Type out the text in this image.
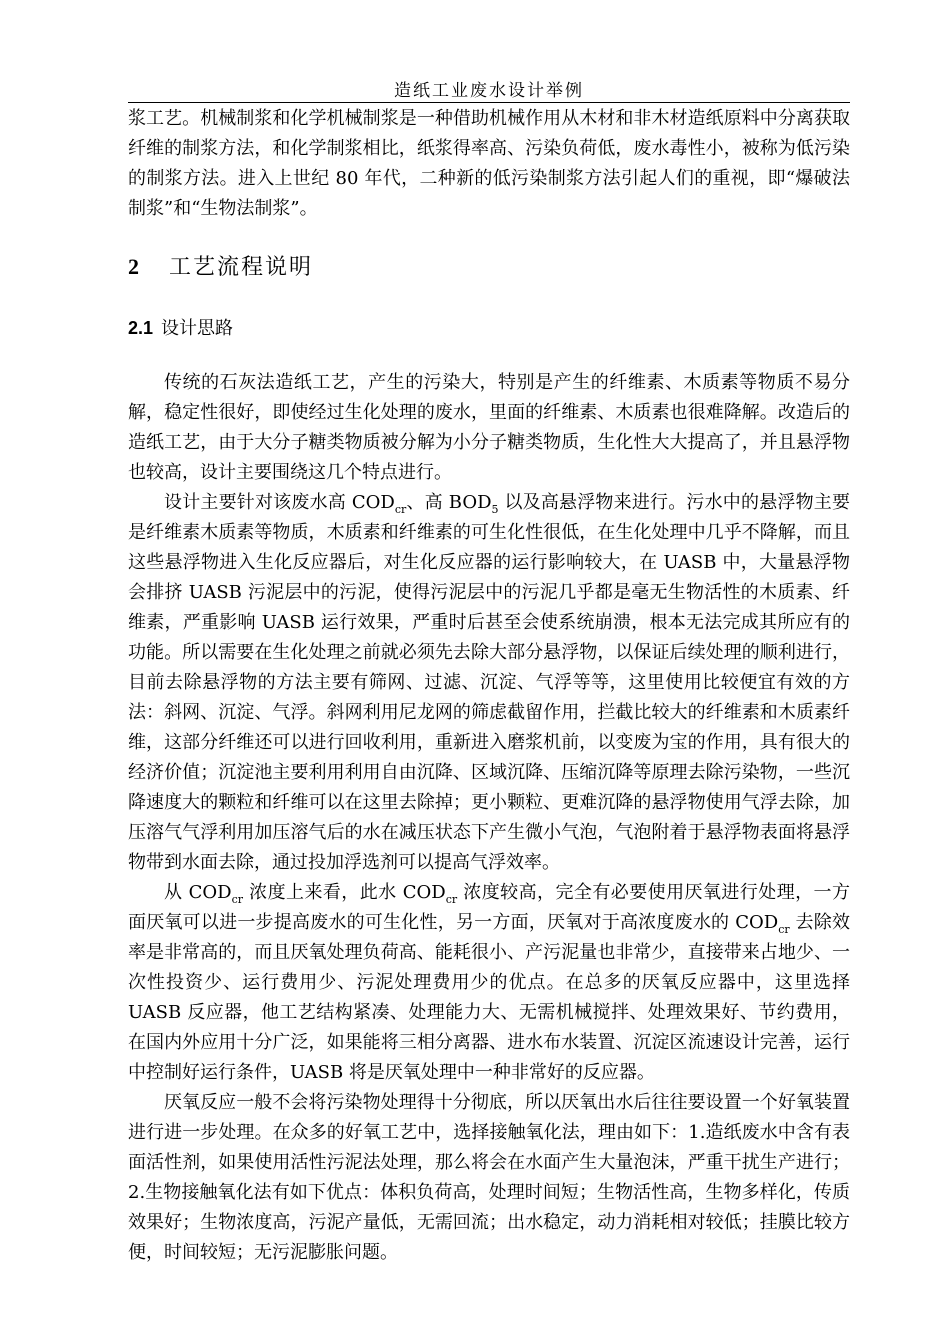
造纸工业废水设计举例

浆工艺。机械制浆和化学机械制浆是一种借助机械作用从木材和非木材造纸原料中分离获取纤维的制浆方法，和化学制浆相比，纸浆得率高、污染负荷低，废水毒性小，被称为低污染的制浆方法。进入上世纪 80 年代，二种新的低污染制浆方法引起人们的重视，即“爆破法制浆”和“生物法制浆”。

2 工艺流程说明

2.1 设计思路

传统的石灰法造纸工艺，产生的污染大，特别是产生的纤维素、木质素等物质不易分解，稳定性很好，即使经过生化处理的废水，里面的纤维素、木质素也很难降解。改造后的造纸工艺，由于大分子糖类物质被分解为小分子糖类物质，生化性大大提高了，并且悬浮物也较高，设计主要围绕这几个特点进行。

设计主要针对该废水高 $COD_{cr}$、高 $BOD_5$ 以及高悬浮物来进行。污水中的悬浮物主要是纤维素木质素等物质，木质素和纤维素的可生化性很低，在生化处理中几乎不降解，而且这些悬浮物进入生化反应器后，对生化反应器的运行影响较大，在 UASB 中，大量悬浮物会排挤 UASB 污泥层中的污泥，使得污泥层中的污泥几乎都是毫无生物活性的木质素、纤维素，严重影响 UASB 运行效果，严重时后甚至会使系统崩溃，根本无法完成其所应有的功能。所以需要在生化处理之前就必须先去除大部分悬浮物，以保证后续处理的顺利进行，目前去除悬浮物的方法主要有筛网、过滤、沉淀、气浮等等，这里使用比较便宜有效的方法：斜网、沉淀、气浮。斜网利用尼龙网的筛虑截留作用，拦截比较大的纤维素和木质素纤维，这部分纤维还可以进行回收利用，重新进入磨浆机前，以变废为宝的作用，具有很大的经济价值；沉淀池主要利用利用自由沉降、区域沉降、压缩沉降等原理去除污染物，一些沉降速度大的颗粒和纤维可以在这里去除掉；更小颗粒、更难沉降的悬浮物使用气浮去除，加压溶气气浮利用加压溶气后的水在减压状态下产生微小气泡，气泡附着于悬浮物表面将悬浮物带到水面去除，通过投加浮选剂可以提高气浮效率。

从 $COD_{cr}$ 浓度上来看，此水 $COD_{cr}$ 浓度较高，完全有必要使用厌氧进行处理，一方面厌氧可以进一步提高废水的可生化性，另一方面，厌氧对于高浓度废水的 $COD_{cr}$ 去除效率是非常高的，而且厌氧处理负荷高、能耗很小、产污泥量也非常少，直接带来占地少、一次性投资少、运行费用少、污泥处理费用少的优点。在总多的厌氧反应器中，这里选择 UASB 反应器，他工艺结构紧凑、处理能力大、无需机械搅拌、处理效果好、节约费用，在国内外应用十分广泛，如果能将三相分离器、进水布水装置、沉淀区流速设计完善，运行中控制好运行条件，UASB 将是厌氧处理中一种非常好的反应器。

厌氧反应一般不会将污染物处理得十分彻底，所以厌氧出水后往往要设置一个好氧装置进行进一步处理。在众多的好氧工艺中，选择接触氧化法，理由如下：1.造纸废水中含有表面活性剂，如果使用活性污泥法处理，那么将会在水面产生大量泡沫，严重干扰生产进行；2.生物接触氧化法有如下优点：体积负荷高，处理时间短；生物活性高，生物多样化，传质效果好；生物浓度高，污泥产量低，无需回流；出水稳定，动力消耗相对较低；挂膜比较方便，时间较短；无污泥膨胀问题。
